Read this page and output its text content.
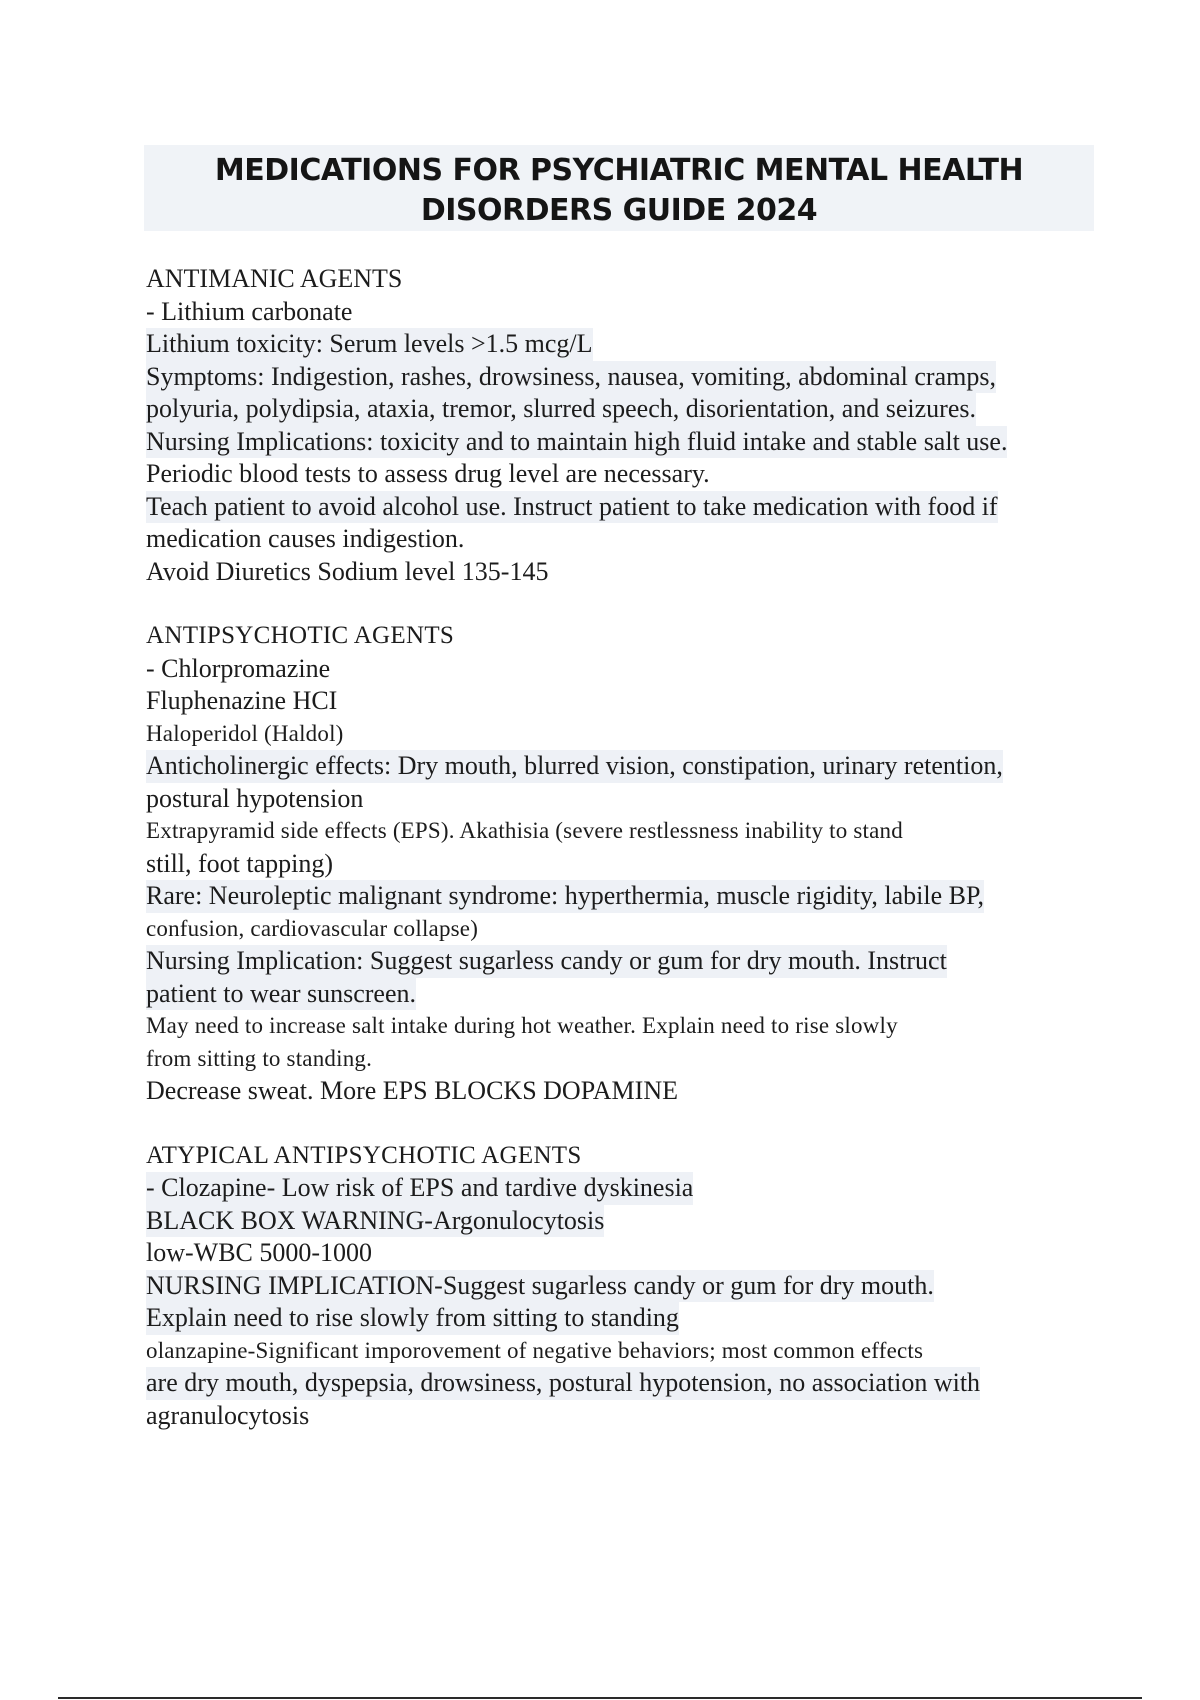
MEDICATIONS FOR PSYCHIATRIC MENTAL HEALTH
DISORDERS GUIDE 2024
ANTIMANIC AGENTS
- Lithium carbonate
Lithium toxicity: Serum levels >1.5 mcg/L
Symptoms: Indigestion, rashes, drowsiness, nausea, vomiting, abdominal cramps,
polyuria, polydipsia, ataxia, tremor, slurred speech, disorientation, and seizures.
Nursing Implications: toxicity and to maintain high fluid intake and stable salt use.
Periodic blood tests to assess drug level are necessary.
Teach patient to avoid alcohol use. Instruct patient to take medication with food if
medication causes indigestion.
Avoid Diuretics Sodium level 135-145
ANTIPSYCHOTIC AGENTS
- Chlorpromazine
Fluphenazine HCI
Haloperidol (Haldol)
Anticholinergic effects: Dry mouth, blurred vision, constipation, urinary retention,
postural hypotension
Extrapyramid side effects (EPS). Akathisia (severe restlessness inability to stand
still, foot tapping)
Rare: Neuroleptic malignant syndrome: hyperthermia, muscle rigidity, labile BP,
confusion, cardiovascular collapse)
Nursing Implication: Suggest sugarless candy or gum for dry mouth. Instruct
patient to wear sunscreen.
May need to increase salt intake during hot weather. Explain need to rise slowly
from sitting to standing.
Decrease sweat. More EPS BLOCKS DOPAMINE
ATYPICAL ANTIPSYCHOTIC AGENTS
- Clozapine- Low risk of EPS and tardive dyskinesia
BLACK BOX WARNING-Argonulocytosis
low-WBC 5000-1000
NURSING IMPLICATION-Suggest sugarless candy or gum for dry mouth.
Explain need to rise slowly from sitting to standing
olanzapine-Significant imporovement of negative behaviors; most common effects
are dry mouth, dyspepsia, drowsiness, postural hypotension, no association with
agranulocytosis
